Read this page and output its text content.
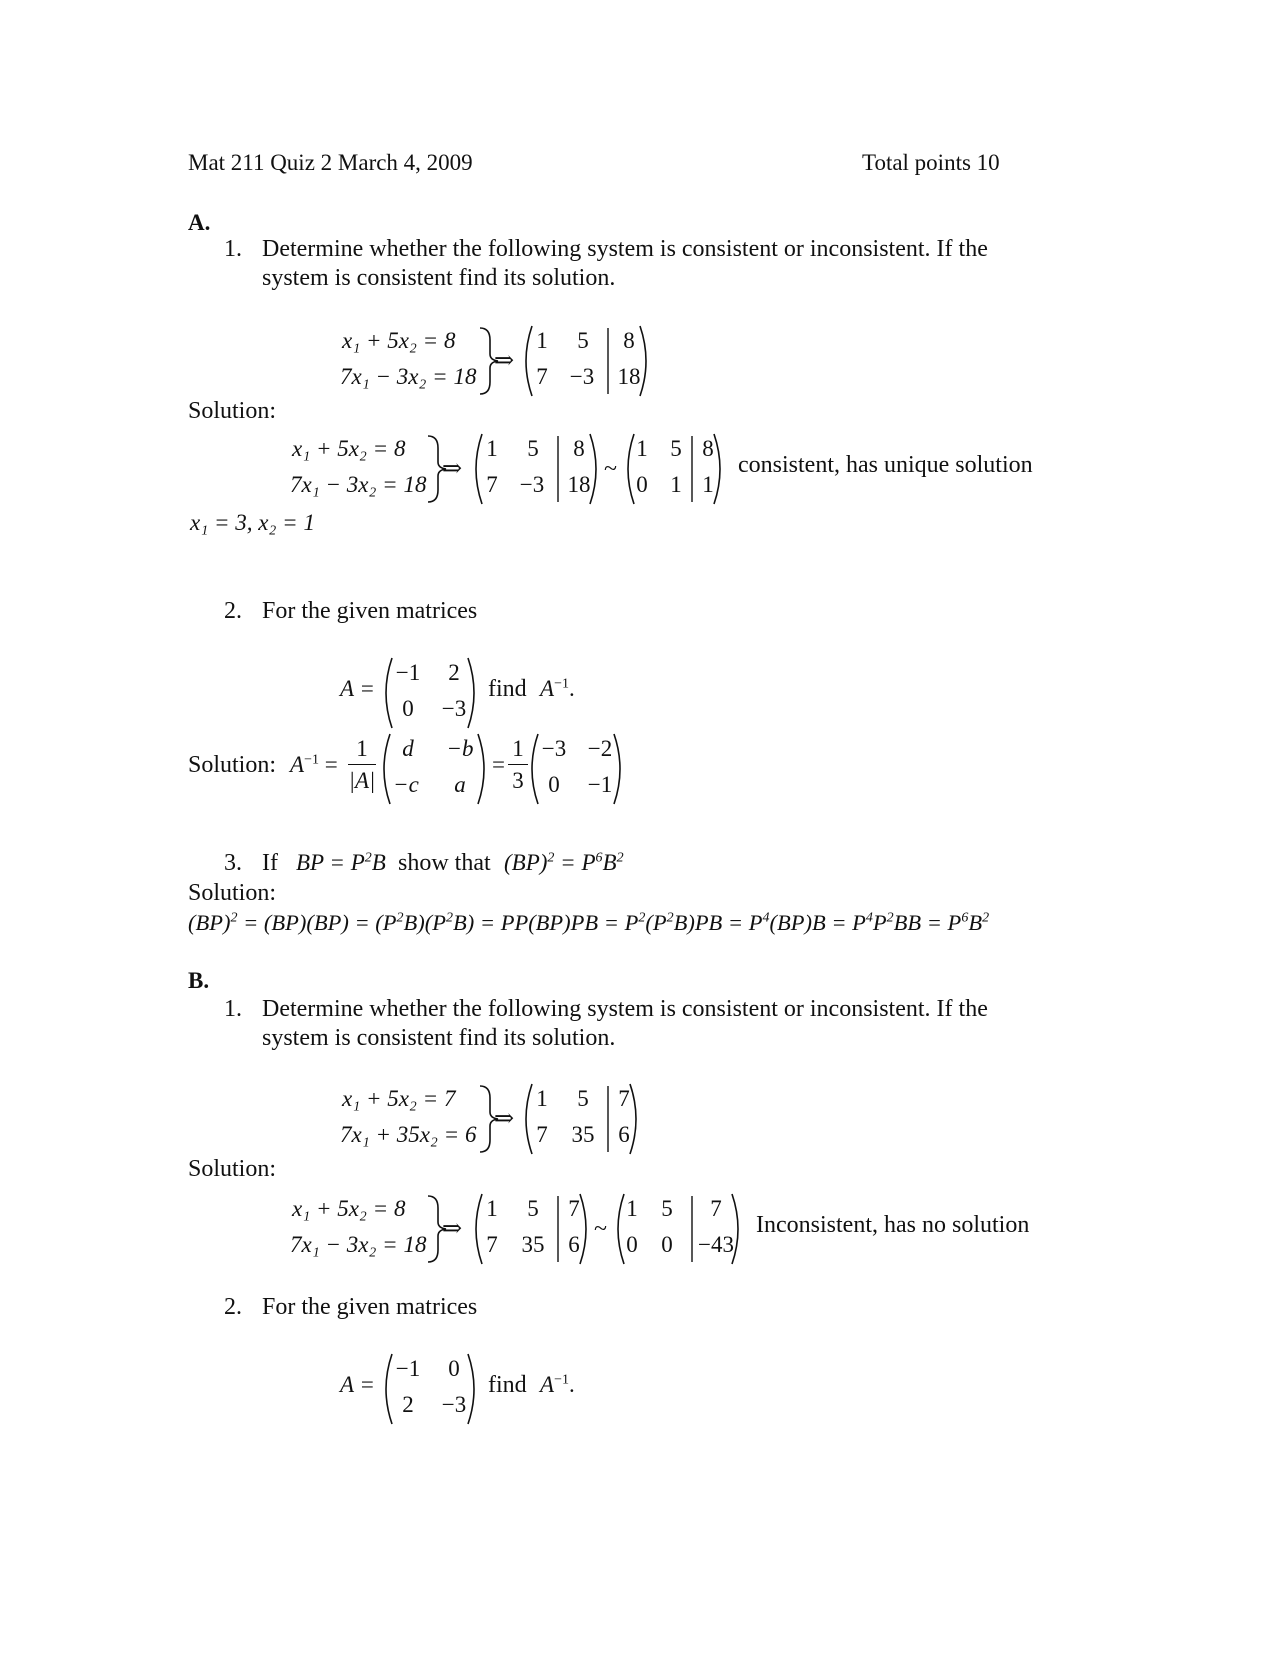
Mat 211 Quiz 2 March 4, 2009	Total points 10
A.
1. Determine whether the following system is consistent or inconsistent. If the
system is consistent find its solution.
x₁ + 5x₂ = 8
7x₁ − 3x₂ = 18
⇒
1	5	8
7 −3	18
Solution:
x₁ + 5x₂ = 8
7x₁ − 3x₂ = 18
⇒
1	5	8
7 −3	18
~
1 5 8
0 1 1
consistent, has unique solution
x₁ = 3, x₂ = 1
2. For the given matrices
A =
−1	2
0	−3
find $A^{-1}$.
Solution: $A^{-1}$ =
1
|A|
d	−b
−c	a
=
1
3
−3 −2
0	−1
3. If BP = $P^2B$ show that $(BP)^2 = P^6B^2$
Solution:
$(BP)^2 = (BP)(BP) = (P^2B)(P^2B) = PP(BP)PB = P^2(P^2B)PB = P^4(BP)B = P^4P^2BB = P^6B^2$
B.
1. Determine whether the following system is consistent or inconsistent. If the
system is consistent find its solution.
x₁ + 5x₂ = 7
7x₁ + 35x₂ = 6
⇒
1	5	7
7 35 6
Solution:
x₁ + 5x₂ = 8
7x₁ − 3x₂ = 18
⇒
1	5	7
7 35 6
~
1	5	7
0	0	−43
Inconsistent, has no solution
2. For the given matrices
A =
−1	0
2	−3
find $A^{-1}$.
